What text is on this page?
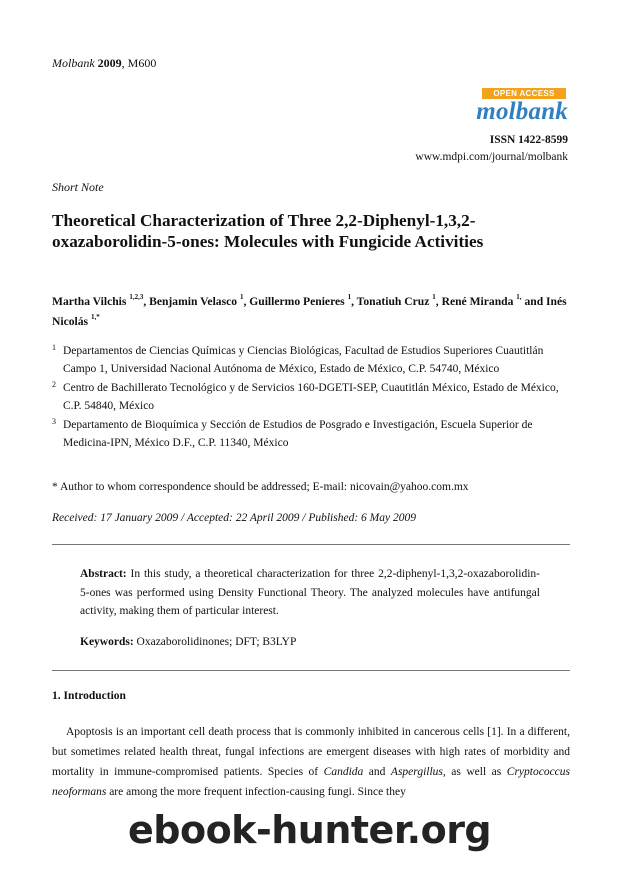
Molbank 2009, M600
OPEN ACCESS
molbank
ISSN 1422-8599
www.mdpi.com/journal/molbank
Short Note
Theoretical Characterization of Three 2,2-Diphenyl-1,3,2-oxazaborolidin-5-ones: Molecules with Fungicide Activities
Martha Vilchis $^{1,2,3}$, Benjamin Velasco $^1$, Guillermo Penieres $^1$, Tonatiuh Cruz $^1$, René Miranda $^{1,}$ and Inés Nicolás $^{1,*}$
1 Departamentos de Ciencias Químicas y Ciencias Biológicas, Facultad de Estudios Superiores Cuautitlán Campo 1, Universidad Nacional Autónoma de México, Estado de México, C.P. 54740, México
2 Centro de Bachillerato Tecnológico y de Servicios 160-DGETI-SEP, Cuautitlán México, Estado de México, C.P. 54840, México
3 Departamento de Bioquímica y Sección de Estudios de Posgrado e Investigación, Escuela Superior de Medicina-IPN, México D.F., C.P. 11340, México
* Author to whom correspondence should be addressed; E-mail: nicovain@yahoo.com.mx
Received: 17 January 2009 / Accepted: 22 April 2009 / Published: 6 May 2009
Abstract: In this study, a theoretical characterization for three 2,2-diphenyl-1,3,2-oxazaborolidin-5-ones was performed using Density Functional Theory. The analyzed molecules have antifungal activity, making them of particular interest.
Keywords: Oxazaborolidinones; DFT; B3LYP
1. Introduction

Apoptosis is an important cell death process that is commonly inhibited in cancerous cells [1]. In a different, but sometimes related health threat, fungal infections are emergent diseases with high rates of morbidity and mortality in immune-compromised patients. Species of Candida and Aspergillus, as well as Cryptococcus neoformans are among the more frequent infection-causing fungi. Since they

ebook-hunter.org
